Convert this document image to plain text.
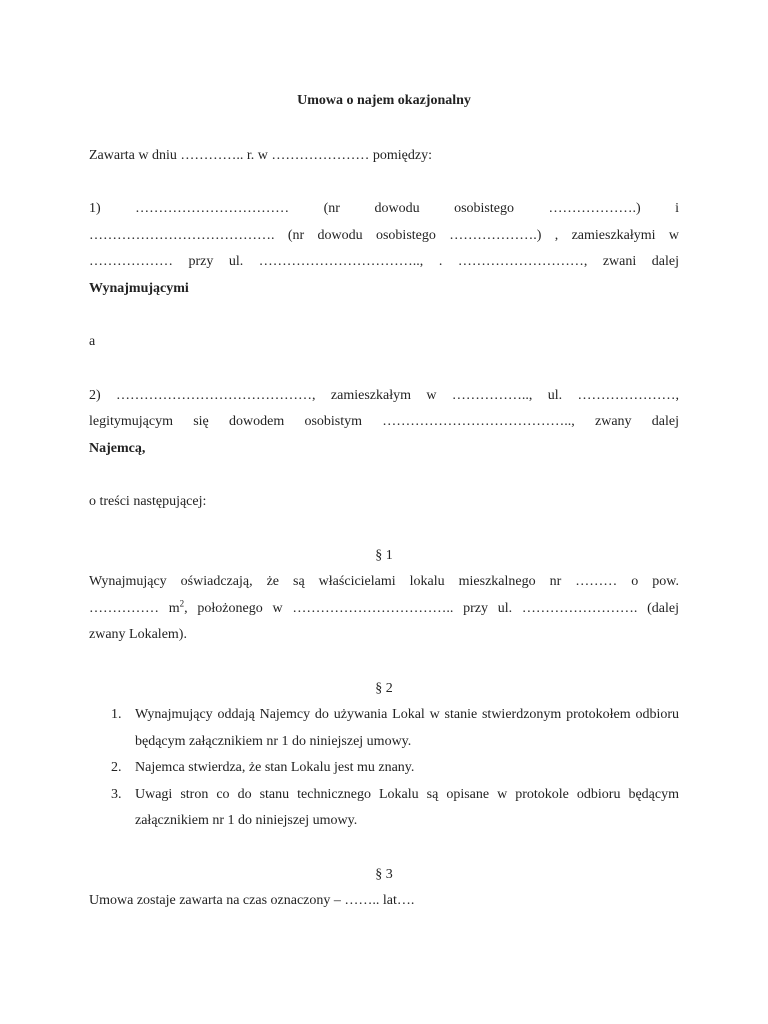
Umowa o najem okazjonalny

Zawarta w dniu ………….. r. w ………………… pomiędzy:

1) …………………………… (nr dowodu osobistego ……………….) i

…………………………………. (nr dowodu osobistego ……………….) , zamieszkałymi w

……………… przy ul. …………………………….., . ………………………, zwani dalej

Wynajmującymi

a

2) ……………………………………, zamieszkałym w …………….., ul. …………………,

legitymującym się dowodem osobistym ………………………………….., zwany dalej

Najemcą,

o treści następującej:

§ 1

Wynajmujący oświadczają, że są właścicielami lokalu mieszkalnego nr ……… o pow.

…………… $m^2$, położonego w …………………………….. przy ul. ……………………. (dalej

zwany Lokalem).

§ 2

1. Wynajmujący oddają Najemcy do używania Lokal w stanie stwierdzonym protokołem odbioru będącym załącznikiem nr 1 do niniejszej umowy.
2. Najemca stwierdza, że stan Lokalu jest mu znany.
3. Uwagi stron co do stanu technicznego Lokalu są opisane w protokole odbioru będącym załącznikiem nr 1 do niniejszej umowy.

§ 3

Umowa zostaje zawarta na czas oznaczony – …….. lat….
